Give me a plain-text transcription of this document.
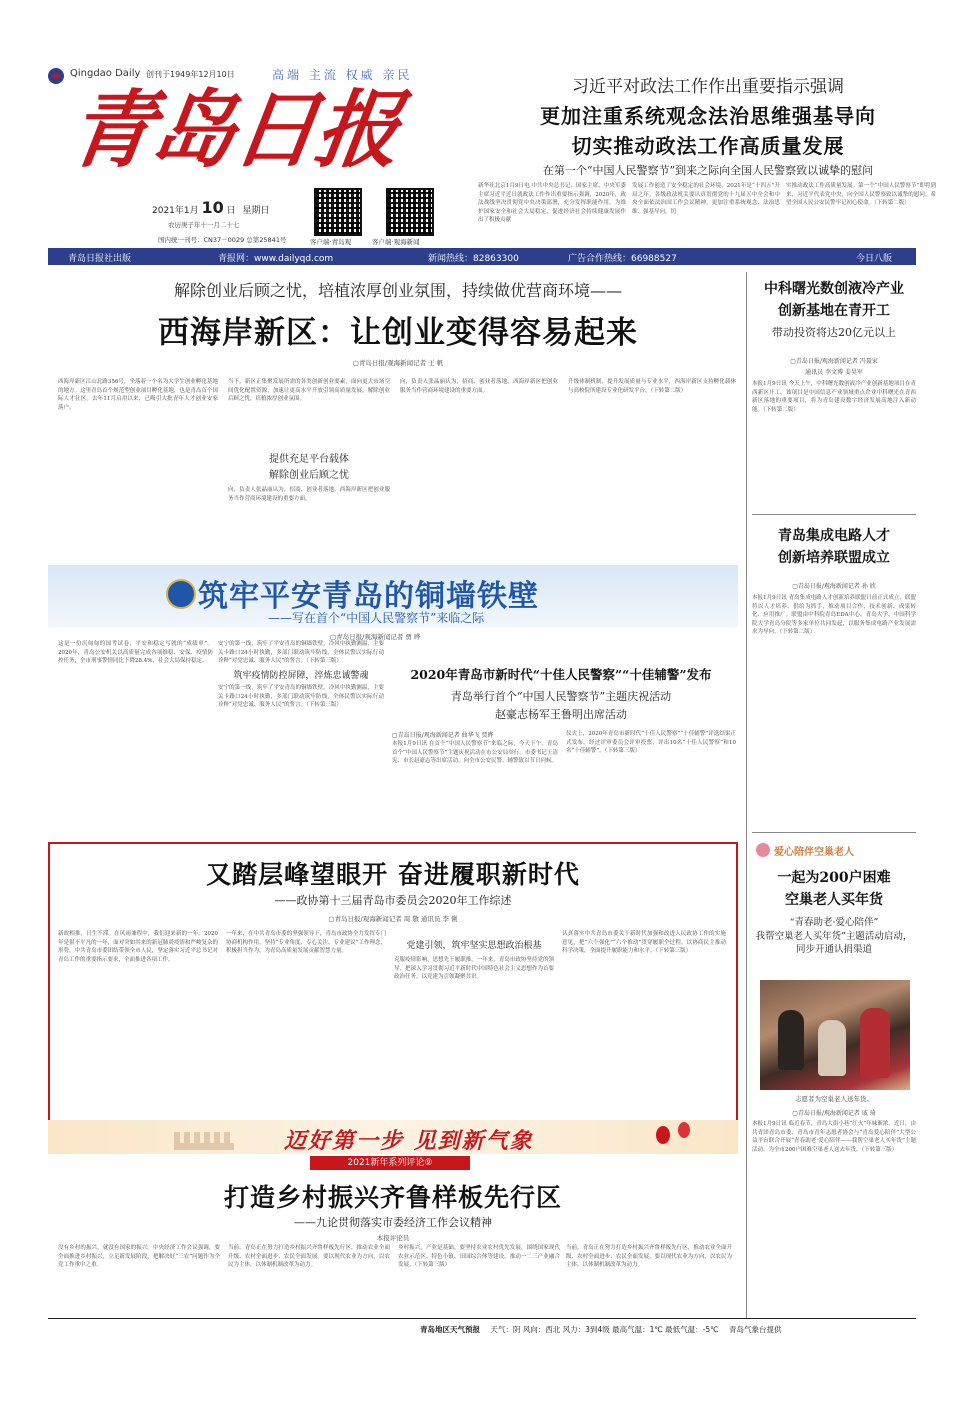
Qingdao Daily 创刊于1949年12月10日	高端 主流 权威 亲民
青岛日报
2021年1月 10 日 星期日
农历庚子年十一月二十七
国内统一刊号：CN37－0029 总第25841号	客户端·青岛观	客户端·观海新闻
习近平对政法工作作出重要指示强调
更加注重系统观念法治思维强基导向
切实推动政法工作高质量发展
在第一个“中国人民警察节”到来之际向全国人民警察致以诚挚的慰问
新华社北京1月9日电 中共中央总书记、国家主席、中央军委主席习近平近日就政法工作作出重要指示强调，2020年，政法战线坚决贯彻党中央决策部署，充分发挥职能作用，为维护国家安全和社会大局稳定、促进经济社会持续健康发展作出了积极贡献
发展工作创造了安全稳定的社会环境。2021年是“十四五”开局之年，各级政法机关要认真贯彻党的十九届五中全会和中央全面依法治国工作会议精神，更加注重系统观念、法治思维、强基导向，切
实推动政法工作高质量发展。第一个“中国人民警察节”即将到来，习近平代表党中央，向全国人民警察致以诚挚的慰问。希望全国人民公安民警牢记初心使命。（下转第二版）
青岛日报社出版	青报网：www.dailyqd.com	新闻热线：82863300	广告合作热线：66988527	今日八版
解除创业后顾之忧，培植浓厚创业氛围，持续做优营商环境——
西海岸新区：让创业变得容易起来
▢青岛日报/观海新闻记者 王 帆
西海岸新区江山北路356号，坐落着一个名为大学生创业孵化基地的地方。这里青岛首个规范型创业项目孵化基地，也是青岛首个国际人才社区。去年11月启用以来，已吸引大批青年人才创业安家落户。
当下，新区正集聚发展所需的各类创新创业要素，面向更大市场空间优化配置资源，加速让更高水平开放引领高质量发展，解除创业后顾之忧，培植浓厚创业氛围。
提供充足平台载体
解除创业后顾之忧
向，负责人张晶丽认为，招商、创业者落地，西海岸新区把创业服务当作营商环境建设的重要方面。
向，负责人张晶丽认为，招商、创业者落地，西海岸新区把创业服务当作营商环境建设的重要方面。
升级体制机制，提升发展质量与专业水平，西海岸新区支持孵化载体与高校院所建设专业化研发平台。（下转第二版）
中科曙光数创液冷产业
创新基地在青开工
带动投资将达20亿元以上
▢青岛日报/观海新闻记者 冯聂家
通讯员 李文博 姜昊军
本报1月9日讯 今天上午，中科曙光数创液冷产业创新基地项目在青西新区开工。该项目是中国信息产业领域重点企业中科曙光在青西新区落地的重要项目，将为青岛建设数字经济发展高地注入新动能。（下转第二版）
青岛集成电路人才
创新培养联盟成立
▢青岛日报/观海新闻记者 孙 欣
本报1月9日讯 青岛集成电路人才创新培养联盟日前正式成立，联盟将以人才培养、供给为抓手，推动项目合作、技术创新、成果转化、应用推广。联盟由中科院青岛EDA中心、青岛大学、中国科学院大学青岛分院等多家单位共同发起，以服务集成电路产业发展需求为导向。（下转第二版）
爱心陪伴空巢老人
一起为200户困难
空巢老人买年货
“青春助老·爱心陪伴”
我帮空巢老人买年货”主题活动启动，同步开通认捐渠道
志愿者为空巢老人送年货。
▢青岛日报/观海新闻记者 戚 琦
本报1月9日讯 临近春节，青岛大街小巷“红火”年味渐浓。近日，由共青团青岛市委、青岛市青年志愿者协会与“青岛爱心陪伴”大型公益平台联合开展“青春助老·爱心陪伴——我帮空巢老人买年货”主题活动，为全市200户困难空巢老人送去年货。（下转第三版）
筑牢平安青岛的铜墙铁壁
——写在首个“中国人民警察节”来临之际
▢青岛日报/观海新闻记者 贾 晔
这是一份沉甸甸的国考试卷，平安和稳定写就的“成绩单”。2020年，青岛公安机关以高质量完成各项维稳、安保、疫情防控任务，全市刑事警情同比下降28.4%，社会大局保持稳定。
安宁的第一线，筑牢了平安青岛的铜墙铁壁。冷风中执勤测温，主要关卡路口24小时执勤，多部门联动筑牢防线，全体民警以实际行动诠释“对党忠诚、服务人民”的誓言。（下转第三版）
筑牢疫情防控屏障，淬炼忠诚警魂
安宁的第一线，筑牢了平安青岛的铜墙铁壁。冷风中执勤测温，主要关卡路口24小时执勤，多部门联动筑牢防线，全体民警以实际行动诠释“对党忠诚、服务人民”的誓言。（下转第三版）
2020年青岛市新时代“十佳人民警察”“十佳辅警”发布
青岛举行首个“中国人民警察节”主题庆祝活动
赵豪志杨军王鲁明出席活动
▢青岛日报/观海新闻记者 曲华飞 贾晔
本报1月9日讯 在首个“中国人民警察节”来临之际，今天下午，青岛首个“中国人民警察节”主题庆祝活动在市公安局举行。市委书记王清宪、市长赵豪志等出席活动，向全市公安民警、辅警致以节日问候。
仪式上，2020年青岛市新时代“十佳人民警察”“十佳辅警”评选结果正式发布。经过评审委员会评审投票，评出10名“十佳人民警察”和10名“十佳辅警”。（下转第三版）
又踏层峰望眼开 奋进履职新时代
——政协第十三届青岛市委员会2020年工作综述
▢青岛日报/观海新闻记者 周 敬 通讯员 李 俐
新故相推，日生不滞。在风雨兼程中，我们迎来新的一年。2020年是很不平凡的一年，面对突如其来的新冠肺炎疫情和严峻复杂的形势，中共青岛市委团结带领全市人民，坚定落实习近平总书记对青岛工作的重要指示要求，全面推进各项工作。
一年来，在中共青岛市委的坚强领导下，青岛市政协全力发挥专门协商机构作用，坚持“专业角度、专心关注、专业建议”工作理念，积极担当作为，为青岛高质量发展贡献智慧力量。
党建引领，筑牢坚实思想政治根基
克服疫情影响，思想先于履职推。一年来，青岛市政协坚持党的领导，把深入学习贯彻习近平新时代中国特色社会主义思想作为首要政治任务，以党建为引领凝聚共识。
认真落实中共青岛市委关于新时代加强和改进人民政协工作的实施意见，把“六个强化”“六个推动”贯穿履职全过程。以协商民主推动科学决策，全面提升履职能力和水平。（下转第三版）
迈好第一步 见到新气象
2021新年系列评论⑨
打造乡村振兴齐鲁样板先行区
——九论贯彻落实市委经济工作会议精神
本报评论员
没有乡村的振兴，就没有国家的振兴。中央经济工作会议强调，要全面推进乡村振兴，立足新发展阶段，把解决好“三农”问题作为全党工作重中之重。
当前，青岛正在努力打造乡村振兴齐鲁样板先行区，推动农业全面升级、农村全面进步、农民全面发展。要以现代农业为方向，以农民为主体，以体制机制改革为动力。
乡村振兴，产业是基础。要坚持农业农村优先发展，围绕国家现代农业示范区、特色小镇、田园综合体等建设，推动一二三产业融合发展。（下转第三版）
当前，青岛正在努力打造乡村振兴齐鲁样板先行区，推动农业全面升级、农村全面进步、农民全面发展。要以现代农业为方向，以农民为主体，以体制机制改革为动力。
青岛地区天气预报 天气：阴 风向：西北 风力：3到4级 最高气温：1℃ 最低气温：-5℃ 青岛气象台提供
